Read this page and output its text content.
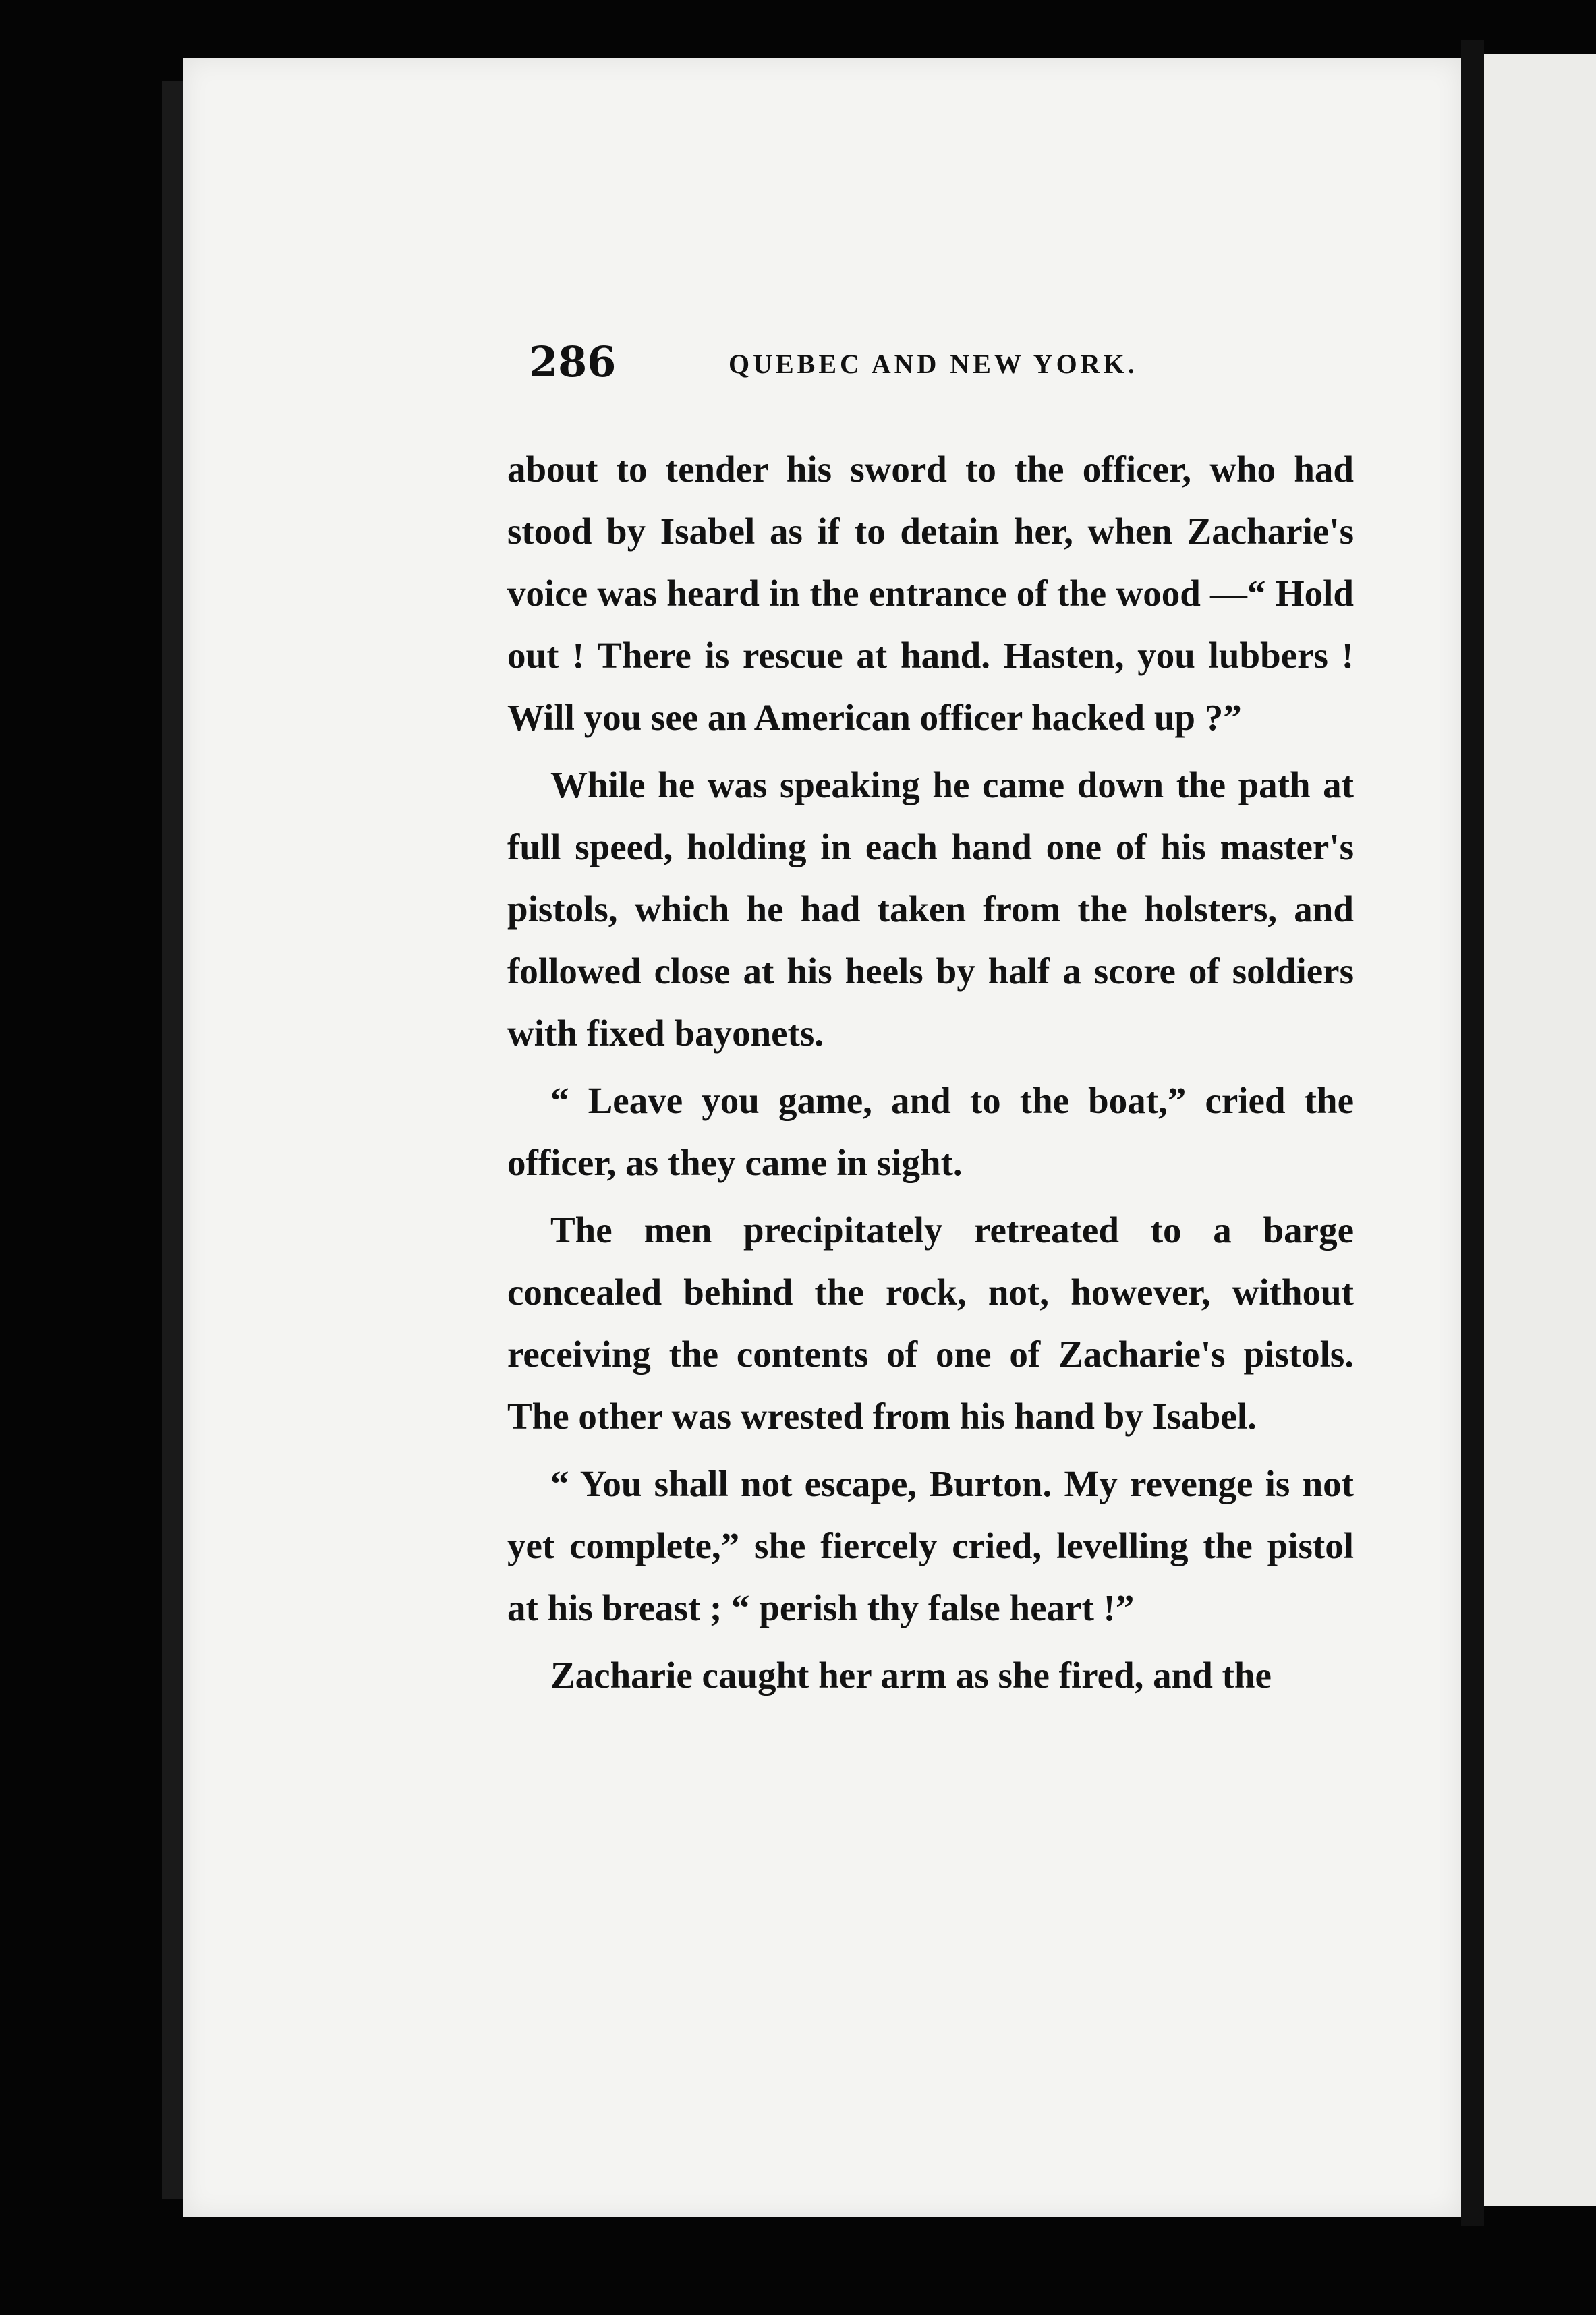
286	QUEBEC AND NEW YORK.

about to tender his sword to the officer, who had stood by Isabel as if to detain her, when Zacharie's voice was heard in the entrance of the wood —“ Hold out ! There is rescue at hand. Hasten, you lubbers ! Will you see an American officer hacked up ?”

While he was speaking he came down the path at full speed, holding in each hand one of his master's pistols, which he had taken from the holsters, and followed close at his heels by half a score of soldiers with fixed bayonets.

“ Leave you game, and to the boat,” cried the officer, as they came in sight.

The men precipitately retreated to a barge concealed behind the rock, not, however, without receiving the contents of one of Zacharie's pistols. The other was wrested from his hand by Isabel.

“ You shall not escape, Burton. My revenge is not yet complete,” she fiercely cried, levelling the pistol at his breast ; “ perish thy false heart !”

Zacharie caught her arm as she fired, and the
